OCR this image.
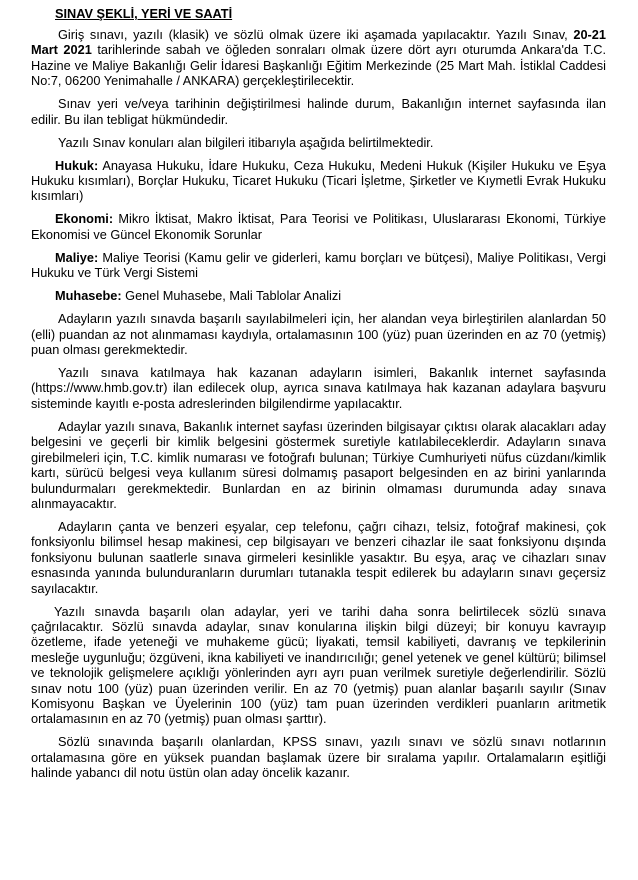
SINAV ŞEKLİ, YERİ VE SAATİ

Giriş sınavı, yazılı (klasik) ve sözlü olmak üzere iki aşamada yapılacaktır. Yazılı Sınav, 20-21 Mart 2021 tarihlerinde sabah ve öğleden sonraları olmak üzere dört ayrı oturumda Ankara'da T.C. Hazine ve Maliye Bakanlığı Gelir İdaresi Başkanlığı Eğitim Merkezinde (25 Mart Mah. İstiklal Caddesi No:7, 06200 Yenimahalle / ANKARA) gerçekleştirilecektir.

Sınav yeri ve/veya tarihinin değiştirilmesi halinde durum, Bakanlığın internet sayfasında ilan edilir. Bu ilan tebligat hükmündedir.

Yazılı Sınav konuları alan bilgileri itibarıyla aşağıda belirtilmektedir.

Hukuk: Anayasa Hukuku, İdare Hukuku, Ceza Hukuku, Medeni Hukuk (Kişiler Hukuku ve Eşya Hukuku kısımları), Borçlar Hukuku, Ticaret Hukuku (Ticari İşletme, Şirketler ve Kıymetli Evrak Hukuku kısımları)

Ekonomi: Mikro İktisat, Makro İktisat, Para Teorisi ve Politikası, Uluslararası Ekonomi, Türkiye Ekonomisi ve Güncel Ekonomik Sorunlar

Maliye: Maliye Teorisi (Kamu gelir ve giderleri, kamu borçları ve bütçesi), Maliye Politikası, Vergi Hukuku ve Türk Vergi Sistemi

Muhasebe: Genel Muhasebe, Mali Tablolar Analizi

Adayların yazılı sınavda başarılı sayılabilmeleri için, her alandan veya birleştirilen alanlardan 50 (elli) puandan az not alınmaması kaydıyla, ortalamasının 100 (yüz) puan üzerinden en az 70 (yetmiş) puan olması gerekmektedir.

Yazılı sınava katılmaya hak kazanan adayların isimleri, Bakanlık internet sayfasında (https://www.hmb.gov.tr) ilan edilecek olup, ayrıca sınava katılmaya hak kazanan adaylara başvuru sisteminde kayıtlı e-posta adreslerinden bilgilendirme yapılacaktır.

Adaylar yazılı sınava, Bakanlık internet sayfası üzerinden bilgisayar çıktısı olarak alacakları aday belgesini ve geçerli bir kimlik belgesini göstermek suretiyle katılabileceklerdir. Adayların sınava girebilmeleri için, T.C. kimlik numarası ve fotoğrafı bulunan; Türkiye Cumhuriyeti nüfus cüzdanı/kimlik kartı, sürücü belgesi veya kullanım süresi dolmamış pasaport belgesinden en az birini yanlarında bulundurmaları gerekmektedir. Bunlardan en az birinin olmaması durumunda aday sınava alınmayacaktır.

Adayların çanta ve benzeri eşyalar, cep telefonu, çağrı cihazı, telsiz, fotoğraf makinesi, çok fonksiyonlu bilimsel hesap makinesi, cep bilgisayarı ve benzeri cihazlar ile saat fonksiyonu dışında fonksiyonu bulunan saatlerle sınava girmeleri kesinlikle yasaktır. Bu eşya, araç ve cihazları sınav esnasında yanında bulunduranların durumları tutanakla tespit edilerek bu adayların sınavı geçersiz sayılacaktır.

Yazılı sınavda başarılı olan adaylar, yeri ve tarihi daha sonra belirtilecek sözlü sınava çağrılacaktır. Sözlü sınavda adaylar, sınav konularına ilişkin bilgi düzeyi; bir konuyu kavrayıp özetleme, ifade yeteneği ve muhakeme gücü; liyakati, temsil kabiliyeti, davranış ve tepkilerinin mesleğe uygunluğu; özgüveni, ikna kabiliyeti ve inandırıcılığı; genel yetenek ve genel kültürü; bilimsel ve teknolojik gelişmelere açıklığı yönlerinden ayrı ayrı puan verilmek suretiyle değerlendirilir. Sözlü sınav notu 100 (yüz) puan üzerinden verilir. En az 70 (yetmiş) puan alanlar başarılı sayılır (Sınav Komisyonu Başkan ve Üyelerinin 100 (yüz) tam puan üzerinden verdikleri puanların aritmetik ortalamasının en az 70 (yetmiş) puan olması şarttır).

Sözlü sınavında başarılı olanlardan, KPSS sınavı, yazılı sınavı ve sözlü sınavı notlarının ortalamasına göre en yüksek puandan başlamak üzere bir sıralama yapılır. Ortalamaların eşitliği halinde yabancı dil notu üstün olan aday öncelik kazanır.
